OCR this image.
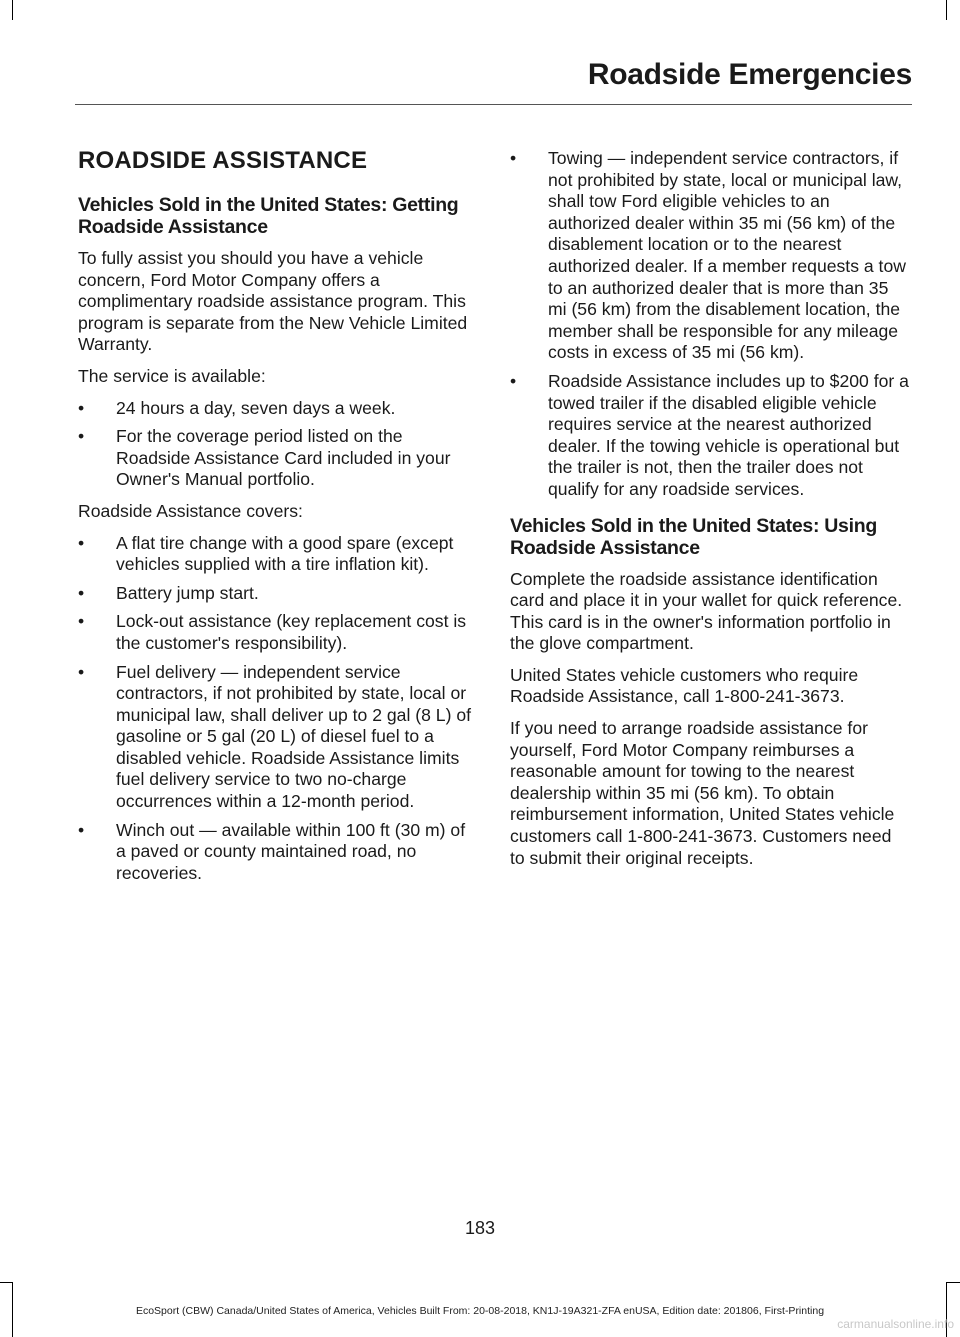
Roadside Emergencies
ROADSIDE ASSISTANCE
Vehicles Sold in the United States: Getting Roadside Assistance

To fully assist you should you have a vehicle concern, Ford Motor Company offers a complimentary roadside assistance program. This program is separate from the New Vehicle Limited Warranty.

The service is available:

• 24 hours a day, seven days a week.
• For the coverage period listed on the Roadside Assistance Card included in your Owner's Manual portfolio.

Roadside Assistance covers:

• A flat tire change with a good spare (except vehicles supplied with a tire inflation kit).
• Battery jump start.
• Lock-out assistance (key replacement cost is the customer's responsibility).
• Fuel delivery — independent service contractors, if not prohibited by state, local or municipal law, shall deliver up to 2 gal (8 L) of gasoline or 5 gal (20 L) of diesel fuel to a disabled vehicle. Roadside Assistance limits fuel delivery service to two no-charge occurrences within a 12-month period.
• Winch out — available within 100 ft (30 m) of a paved or county maintained road, no recoveries.
• Towing — independent service contractors, if not prohibited by state, local or municipal law, shall tow Ford eligible vehicles to an authorized dealer within 35 mi (56 km) of the disablement location or to the nearest authorized dealer. If a member requests a tow to an authorized dealer that is more than 35 mi (56 km) from the disablement location, the member shall be responsible for any mileage costs in excess of 35 mi (56 km).
• Roadside Assistance includes up to $200 for a towed trailer if the disabled eligible vehicle requires service at the nearest authorized dealer. If the towing vehicle is operational but the trailer is not, then the trailer does not qualify for any roadside services.
Vehicles Sold in the United States: Using Roadside Assistance

Complete the roadside assistance identification card and place it in your wallet for quick reference. This card is in the owner's information portfolio in the glove compartment.

United States vehicle customers who require Roadside Assistance, call 1-800-241-3673.

If you need to arrange roadside assistance for yourself, Ford Motor Company reimburses a reasonable amount for towing to the nearest dealership within 35 mi (56 km). To obtain reimbursement information, United States vehicle customers call 1-800-241-3673. Customers need to submit their original receipts.

183
EcoSport (CBW) Canada/United States of America, Vehicles Built From: 20-08-2018, KN1J-19A321-ZFA enUSA, Edition date: 201806, First-Printing
carmanualsonline.info
